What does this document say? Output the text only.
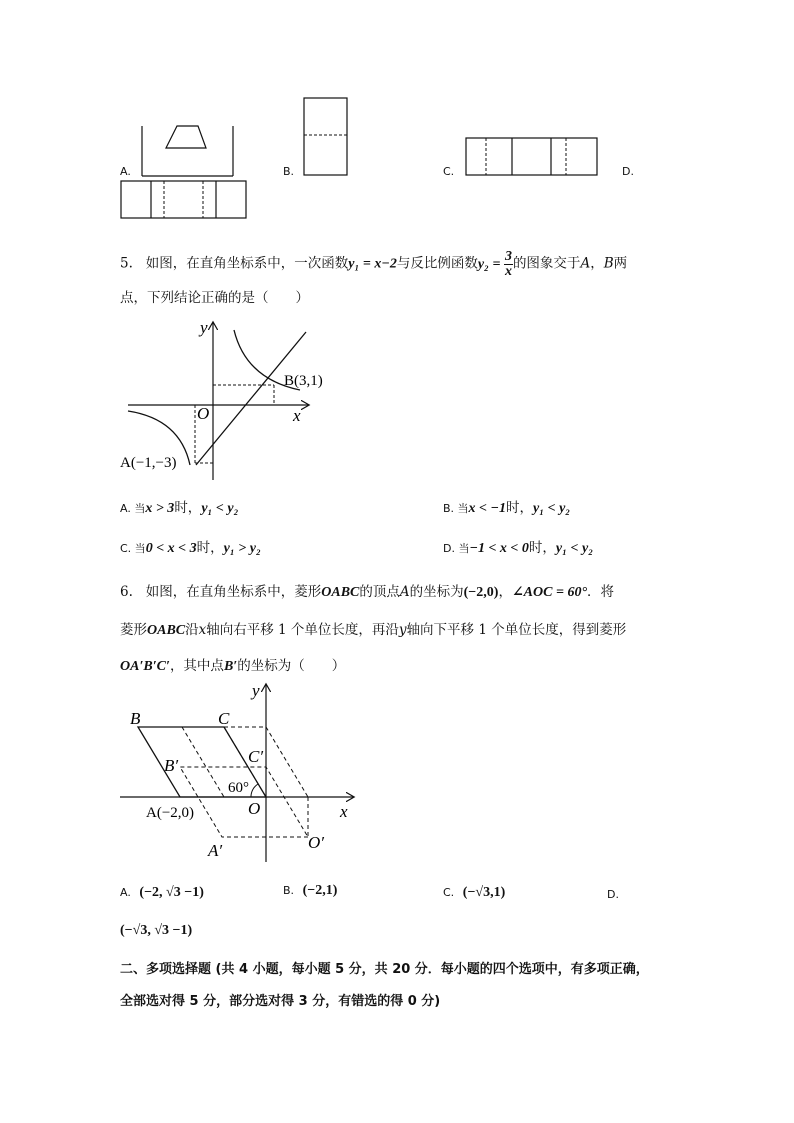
A.	B.	C.	D.
5. 如图，在直角坐标系中，一次函数y₁ = x−2与反比例函数$y_2 = \frac{3}{x}$ 的图象交于A，B两
点，下列结论正确的是（　　）
y
x
O
B(3,1)
A(−1,−3)
A. 当x > 3时，y₁ < y₂	B. 当x < −1时，y₁ < y₂
C. 当0 < x < 3时，y₁ > y₂	D. 当−1 < x < 0时，y₁ < y₂
6. 如图，在直角坐标系中，菱形OABC的顶点A的坐标为(−2,0)，∠AOC = 60°．将
菱形OABC沿x轴向右平移 1 个单位长度，再沿y轴向下平移 1 个单位长度，得到菱形
OA′B′C′，其中点B′的坐标为（　　）
y
x
B	C
B′	C′
60°
A(−2,0)	O
A′	O′
A. (−2, √3 −1)	B. (−2,1)	C. (−√3,1)	D.
(−√3, √3 −1)
二、多项选择题 (共 4 小题，每小题 5 分，共 20 分．每小题的四个选项中，有多项正确，
全部选对得 5 分，部分选对得 3 分，有错选的得 0 分)
